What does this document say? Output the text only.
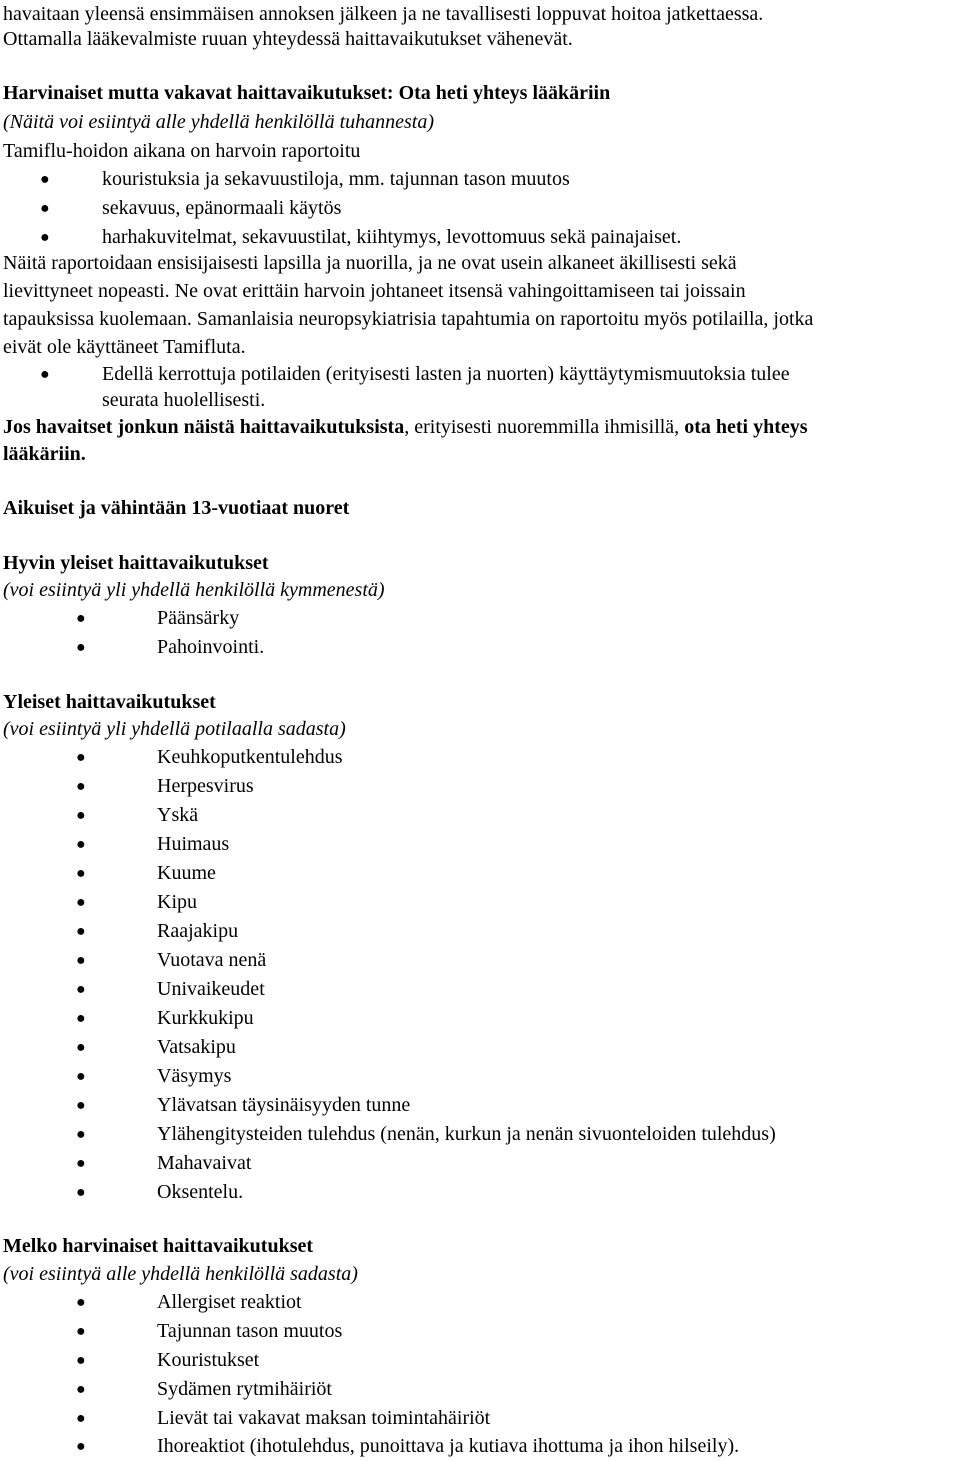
havaitaan yleensä ensimmäisen annoksen jälkeen ja ne tavallisesti loppuvat hoitoa jatkettaessa.
Ottamalla lääkevalmiste ruuan yhteydessä haittavaikutukset vähenevät.
Harvinaiset mutta vakavat haittavaikutukset: Ota heti yhteys lääkäriin
(Näitä voi esiintyä alle yhdellä henkilöllä tuhannesta)
Tamiflu-hoidon aikana on harvoin raportoitu
●	kouristuksia ja sekavuustiloja, mm. tajunnan tason muutos
●	sekavuus, epänormaali käytös
●	harhakuvitelmat, sekavuustilat, kiihtymys, levottomuus sekä painajaiset.
Näitä raportoidaan ensisijaisesti lapsilla ja nuorilla, ja ne ovat usein alkaneet äkillisesti sekä
lievittyneet nopeasti. Ne ovat erittäin harvoin johtaneet itsensä vahingoittamiseen tai joissain
tapauksissa kuolemaan. Samanlaisia neuropsykiatrisia tapahtumia on raportoitu myös potilailla, jotka
eivät ole käyttäneet Tamifluta.
●	Edellä kerrottuja potilaiden (erityisesti lasten ja nuorten) käyttäytymismuutoksia tulee
seurata huolellisesti.
Jos havaitset jonkun näistä haittavaikutuksista, erityisesti nuoremmilla ihmisillä, ota heti yhteys
lääkäriin.
Aikuiset ja vähintään 13-vuotiaat nuoret
Hyvin yleiset haittavaikutukset
(voi esiintyä yli yhdellä henkilöllä kymmenestä)
●	Päänsärky
●	Pahoinvointi.
Yleiset haittavaikutukset
(voi esiintyä yli yhdellä potilaalla sadasta)
●	Keuhkoputkentulehdus
●	Herpesvirus
●	Yskä
●	Huimaus
●	Kuume
●	Kipu
●	Raajakipu
●	Vuotava nenä
●	Univaikeudet
●	Kurkkukipu
●	Vatsakipu
●	Väsymys
●	Ylävatsan täysinäisyyden tunne
●	Ylähengitysteiden tulehdus (nenän, kurkun ja nenän sivuonteloiden tulehdus)
●	Mahavaivat
●	Oksentelu.
Melko harvinaiset haittavaikutukset
(voi esiintyä alle yhdellä henkilöllä sadasta)
●	Allergiset reaktiot
●	Tajunnan tason muutos
●	Kouristukset
●	Sydämen rytmihäiriöt
●	Lievät tai vakavat maksan toimintahäiriöt
●	Ihoreaktiot (ihotulehdus, punoittava ja kutiava ihottuma ja ihon hilseily).
